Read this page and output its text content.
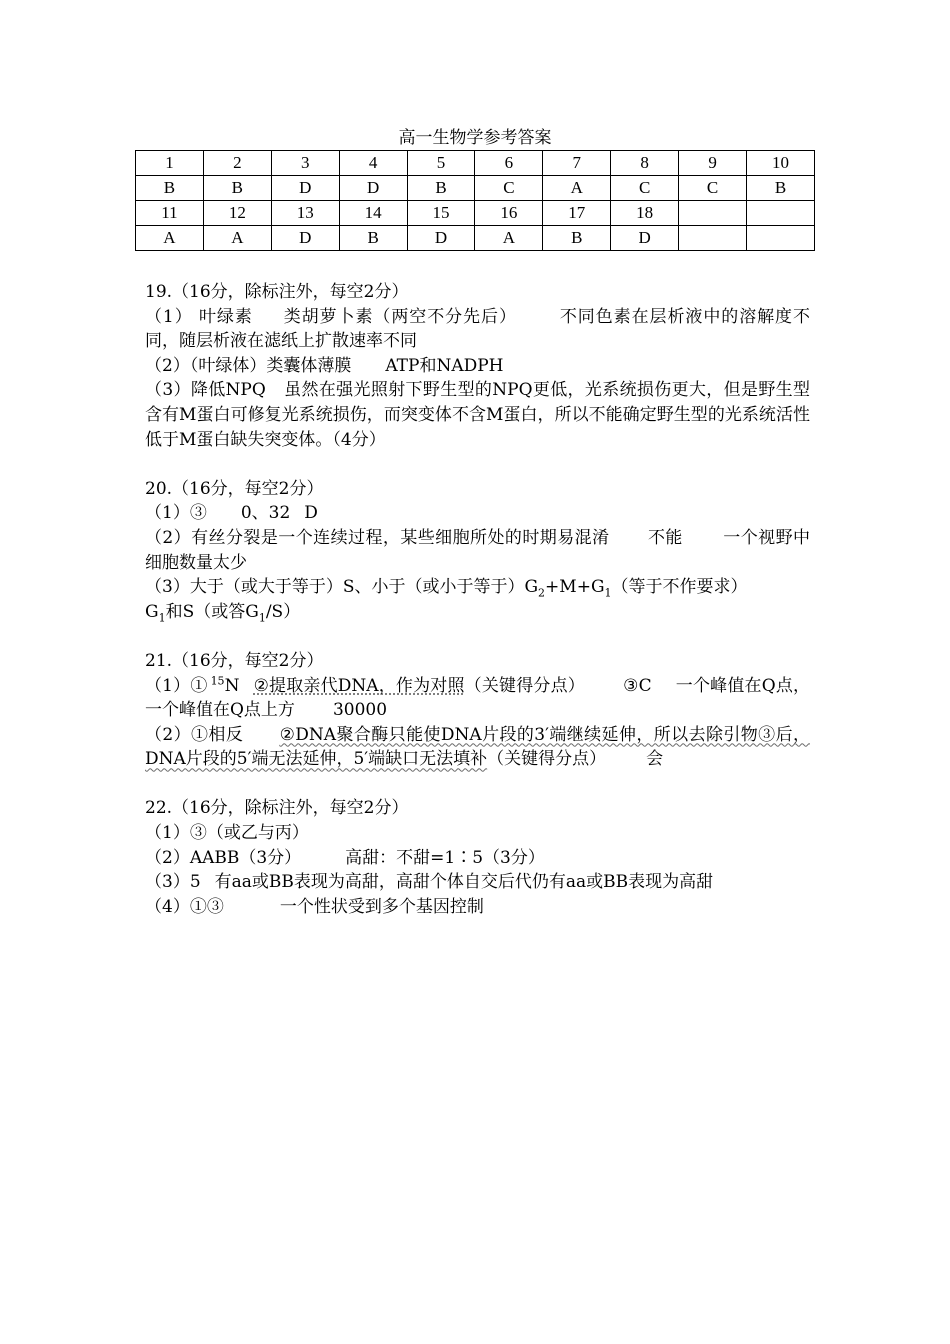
高一生物学参考答案
1	2	3	4	5	6	7	8	9	10
B	B	D	D	B	C	A	C	C	B
11	12	13	14	15	16	17	18		
A	A	D	B	D	A	B	D		
19.（16分，除标注外，每空2分）
（1） 叶绿素 类胡萝卜素（两空不分先后） 不同色素在层析液中的溶解度不同，随层析液在滤纸上扩散速率不同
（2）（叶绿体）类囊体薄膜 ATP和NADPH
（3）降低NPQ 虽然在强光照射下野生型的NPQ更低，光系统损伤更大，但是野生型含有M蛋白可修复光系统损伤，而突变体不含M蛋白，所以不能确定野生型的光系统活性低于M蛋白缺失突变体。（4分）
20.（16分，每空2分）
（1）③ 0、32 D
（2）有丝分裂是一个连续过程，某些细胞所处的时期易混淆 不能 一个视野中细胞数量太少
（3）大于（或大于等于）S、小于（或小于等于）$G_2+M+G_1$（等于不作要求）
$G_1$和S（或答$G_1/S$）
21.（16分，每空2分）
（1）① $^{15}$N ②提取亲代DNA，作为对照（关键得分点） ③C 一个峰值在Q点，一个峰值在Q点上方 30000
（2）①相反 ②DNA聚合酶只能使DNA片段的3′端继续延伸，所以去除引物③后，DNA片段的5′端无法延伸，5′端缺口无法填补（关键得分点） 会
22.（16分，除标注外，每空2分）
（1）③（或乙与丙）
（2）AABB（3分）	高甜：不甜=1∶5（3分）
（3）5 有aa或BB表现为高甜，高甜个体自交后代仍有aa或BB表现为高甜
（4）①③	一个性状受到多个基因控制
